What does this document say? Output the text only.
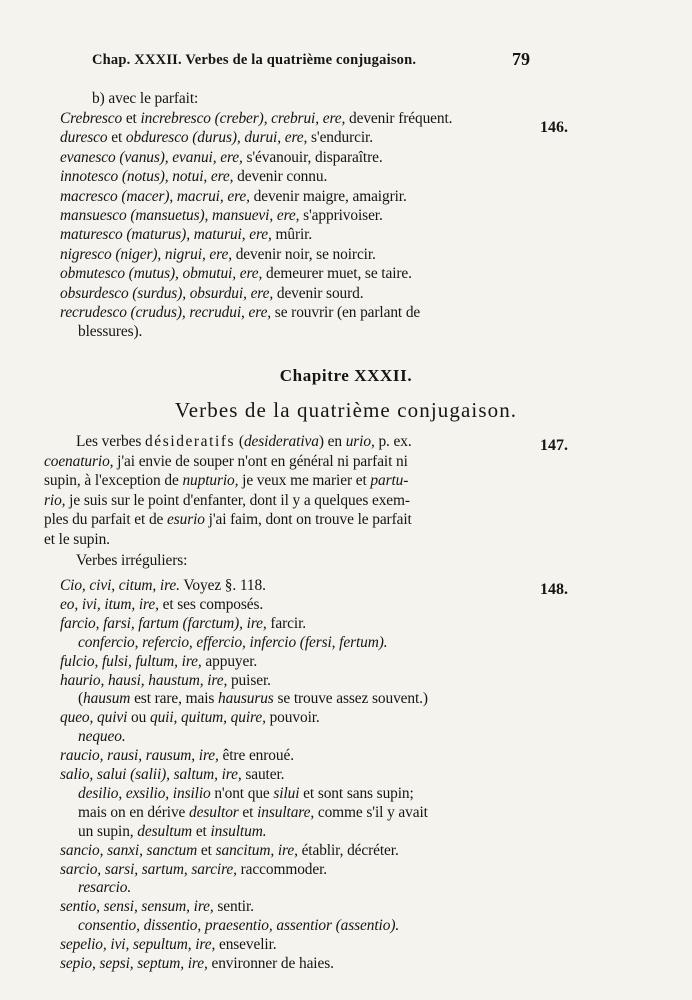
Chap. XXXII. Verbes de la quatrième conjugaison.	79
b) avec le parfait:
Crebresco et increbresco (creber), crebrui, ere, devenir fréquent.
duresco et obduresco (durus), durui, ere, s'endurcir.
evanesco (vanus), evanui, ere, s'évanouir, disparaître.
innotesco (notus), notui, ere, devenir connu.
macresco (macer), macrui, ere, devenir maigre, amaigrir.
mansuesco (mansuetus), mansuevi, ere, s'apprivoiser.
maturesco (maturus), maturui, ere, mûrir.
nigresco (niger), nigrui, ere, devenir noir, se noircir.
obmutesco (mutus), obmutui, ere, demeurer muet, se taire.
obsurdesco (surdus), obsurdui, ere, devenir sourd.
recrudesco (crudus), recrudui, ere, se rouvrir (en parlant de
blessures).
146.
Chapitre XXXII.
Verbes de la quatrième conjugaison.
Les verbes désideratifs (desiderativa) en urio, p. ex.
coenaturio, j'ai envie de souper n'ont en général ni parfait ni
supin, à l'exception de nupturio, je veux me marier et partu-
rio, je suis sur le point d'enfanter, dont il y a quelques exem-
ples du parfait et de esurio j'ai faim, dont on trouve le parfait
et le supin.
147.
Verbes irréguliers:
Cio, civi, citum, ire. Voyez §. 118.
eo, ivi, itum, ire, et ses composés.
farcio, farsi, fartum (farctum), ire, farcir.
confercio, refercio, effercio, infercio (fersi, fertum).
fulcio, fulsi, fultum, ire, appuyer.
haurio, hausi, haustum, ire, puiser.
(hausum est rare, mais hausurus se trouve assez souvent.)
queo, quivi ou quii, quitum, quire, pouvoir.
nequeo.
raucio, rausi, rausum, ire, être enroué.
salio, salui (salii), saltum, ire, sauter.
desilio, exsilio, insilio n'ont que silui et sont sans supin;
mais on en dérive desultor et insultare, comme s'il y avait
un supin, desultum et insultum.
sancio, sanxi, sanctum et sancitum, ire, établir, décréter.
sarcio, sarsi, sartum, sarcire, raccommoder.
resarcio.
sentio, sensi, sensum, ire, sentir.
consentio, dissentio, praesentio, assentior (assentio).
sepelio, ivi, sepultum, ire, ensevelir.
sepio, sepsi, septum, ire, environner de haies.
148.
